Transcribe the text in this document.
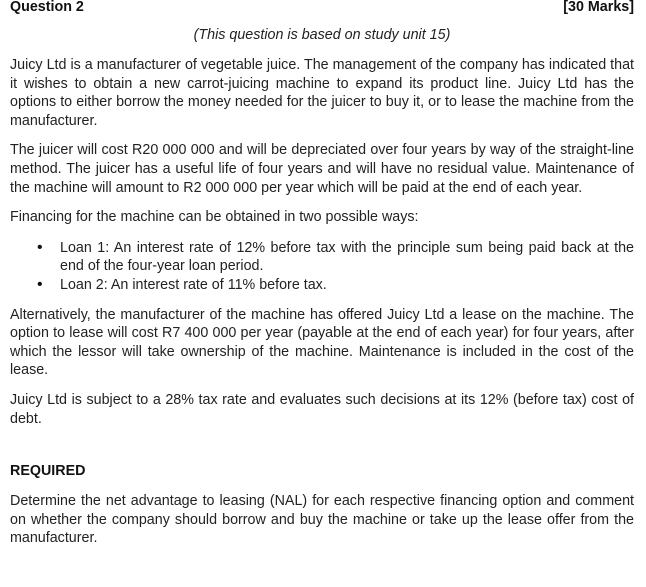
Question 2	[30 Marks]
(This question is based on study unit 15)

Juicy Ltd is a manufacturer of vegetable juice. The management of the company has indicated that it wishes to obtain a new carrot-juicing machine to expand its product line. Juicy Ltd has the options to either borrow the money needed for the juicer to buy it, or to lease the machine from the manufacturer.

The juicer will cost R20 000 000 and will be depreciated over four years by way of the straight-line method. The juicer has a useful life of four years and will have no residual value. Maintenance of the machine will amount to R2 000 000 per year which will be paid at the end of each year.

Financing for the machine can be obtained in two possible ways:

• Loan 1: An interest rate of 12% before tax with the principle sum being paid back at the end of the four-year loan period.
• Loan 2: An interest rate of 11% before tax.

Alternatively, the manufacturer of the machine has offered Juicy Ltd a lease on the machine. The option to lease will cost R7 400 000 per year (payable at the end of each year) for four years, after which the lessor will take ownership of the machine. Maintenance is included in the cost of the lease.

Juicy Ltd is subject to a 28% tax rate and evaluates such decisions at its 12% (before tax) cost of debt.

REQUIRED

Determine the net advantage to leasing (NAL) for each respective financing option and comment on whether the company should borrow and buy the machine or take up the lease offer from the manufacturer.
